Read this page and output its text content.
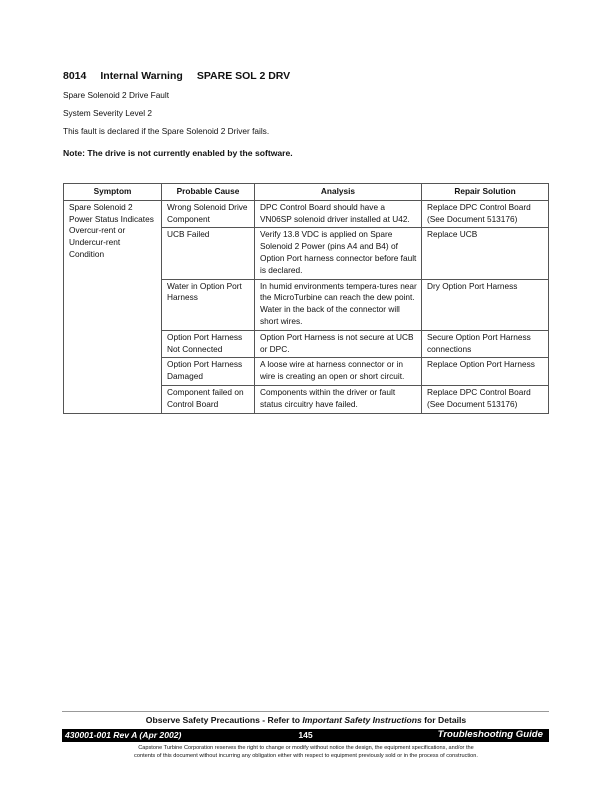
8014 Internal Warning SPARE SOL 2 DRV
Spare Solenoid 2 Drive Fault
System Severity Level 2
This fault is declared if the Spare Solenoid 2 Driver fails.
Note: The drive is not currently enabled by the software.
Symptom	Probable Cause	Analysis	Repair Solution
Spare Solenoid 2 Power Status Indicates Overcur-rent or Undercur-rent Condition	Wrong Solenoid Drive Component	DPC Control Board should have a VN06SP solenoid driver installed at U42.	Replace DPC Control Board (See Document 513176)
	UCB Failed	Verify 13.8 VDC is applied on Spare Solenoid 2 Power (pins A4 and B4) of Option Port harness connector before fault is declared.	Replace UCB
	Water in Option Port Harness	In humid environments tempera-tures near the MicroTurbine can reach the dew point. Water in the back of the connector will short wires.	Dry Option Port Harness
	Option Port Harness Not Connected	Option Port Harness is not secure at UCB or DPC.	Secure Option Port Harness connections
	Option Port Harness Damaged	A loose wire at harness connector or in wire is creating an open or short circuit.	Replace Option Port Harness
	Component failed on Control Board	Components within the driver or fault status circuitry have failed.	Replace DPC Control Board (See Document 513176)
Observe Safety Precautions - Refer to Important Safety Instructions for Details
430001-001 Rev A (Apr 2002)	145	Troubleshooting Guide
Capstone Turbine Corporation reserves the right to change or modify without notice the design, the equipment specifications, and/or the
contents of this document without incurring any obligation either with respect to equipment previously sold or in the process of construction.
